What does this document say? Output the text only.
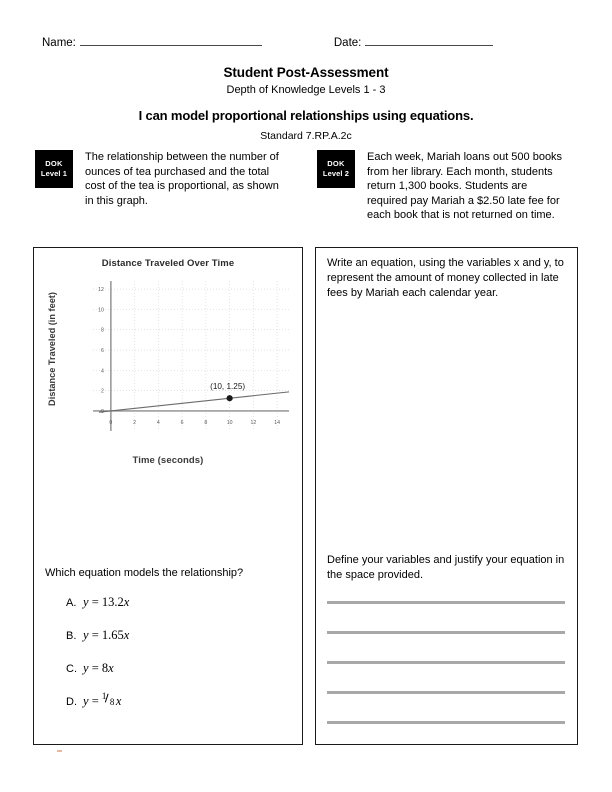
Name:	Date:
Student Post-Assessment
Depth of Knowledge Levels 1 - 3
I can model proportional relationships using equations.
Standard 7.RP.A.2c
DOK
Level 1
The relationship between the number of ounces of tea purchased and the total cost of the tea is proportional, as shown in this graph.
DOK
Level 2
Each week, Mariah loans out 500 books from her library. Each month, students return 1,300 books. Students are required pay Mariah a $2.50 late fee for each book that is not returned on time.
Distance Traveled Over Time
0	2	4	6	8	10	12	14
2
4
6
8
10
12
(10, 1.25)
Distance Traveled (in feet)
Time (seconds)
Which equation models the relationship?
A. y = 13.2x
B. y = 1.65x
C. y = 8x
D. y = 1
8 x
Write an equation, using the variables x and y, to represent the amount of money collected in late fees by Mariah each calendar year.
Define your variables and justify your equation in the space provided.
